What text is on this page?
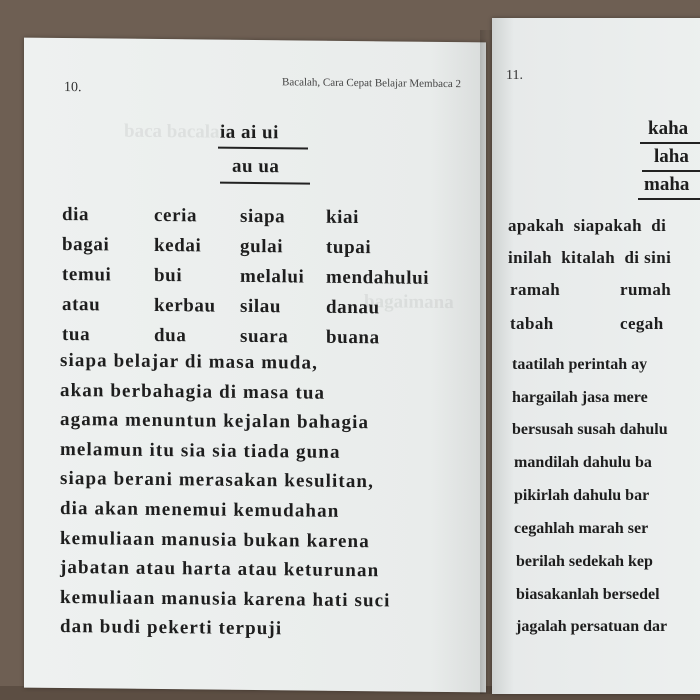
baca bacalah
bagaimana
10.	Bacalah, Cara Cepat Belajar Membaca 2
ia ai ui
au ua
dia	ceria	siapa	kiai
bagai	kedai	gulai	tupai
temui	bui	melalui	mendahului
atau	kerbau	silau	danau
tua	dua	suara	buana
siapa belajar di masa muda,
akan berbahagia di masa tua
agama menuntun kejalan bahagia
melamun itu sia sia tiada guna
siapa berani merasakan kesulitan,
dia akan menemui kemudahan
kemuliaan manusia bukan karena
jabatan atau harta atau keturunan
kemuliaan manusia karena hati suci
dan budi pekerti terpuji
11.
kaha
laha
maha
apakah siapakah di
inilah kitalah di sini
ramah	rumah
tabah	cegah
taatilah perintah ay
hargailah jasa mere
bersusah susah dahulu
mandilah dahulu ba
pikirlah dahulu bar
cegahlah marah ser
berilah sedekah kep
biasakanlah bersedel
jagalah persatuan dar
